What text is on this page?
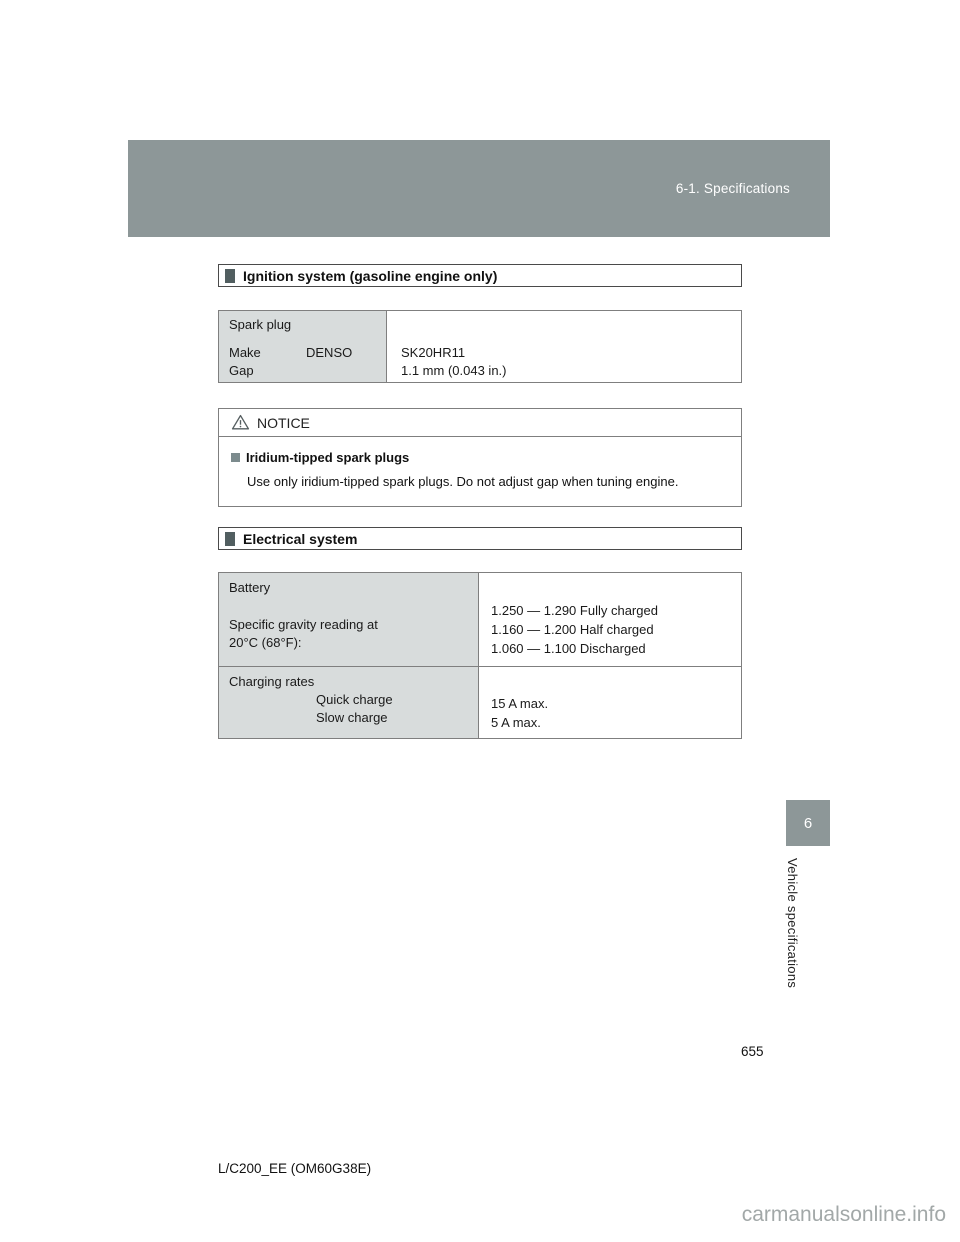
6-1. Specifications
Ignition system (gasoline engine only)
Spark plug
Make	DENSO
Gap
SK20HR11
1.1 mm (0.043 in.)
NOTICE
Iridium-tipped spark plugs
Use only iridium-tipped spark plugs. Do not adjust gap when tuning engine.
Electrical system
Battery
Specific gravity reading at
20°C (68°F):
1.250 — 1.290 Fully charged
1.160 — 1.200 Half charged
1.060 — 1.100 Discharged
Charging rates
Quick charge
Slow charge
15 A max.
5 A max.
6
Vehicle specifications
655
L/C200_EE (OM60G38E)
carmanualsonline.info
